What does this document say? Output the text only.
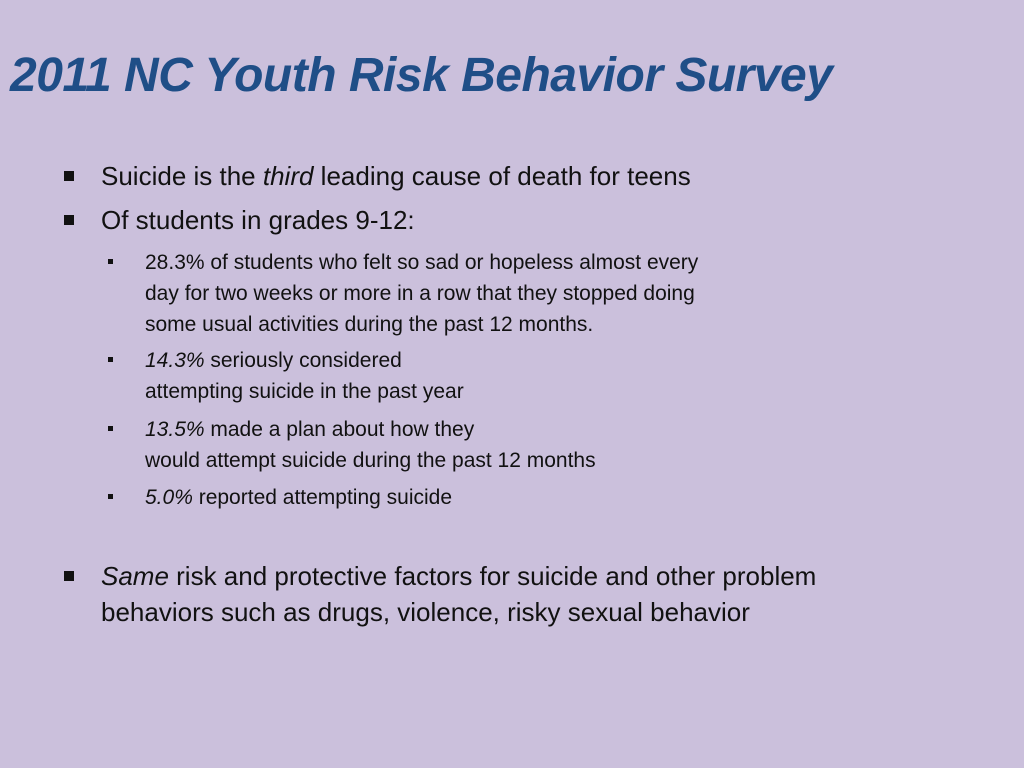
2011 NC Youth Risk Behavior Survey
Suicide is the third leading cause of death for teens
Of students in grades 9-12:
28.3% of students who felt so sad or hopeless almost every
day for two weeks or more in a row that they stopped doing
some usual activities during the past 12 months.
14.3% seriously considered
attempting suicide in the past year
13.5% made a plan about how they
would attempt suicide during the past 12 months
5.0% reported attempting suicide
Same risk and protective factors for suicide and other problem behaviors such as drugs, violence, risky sexual behavior
